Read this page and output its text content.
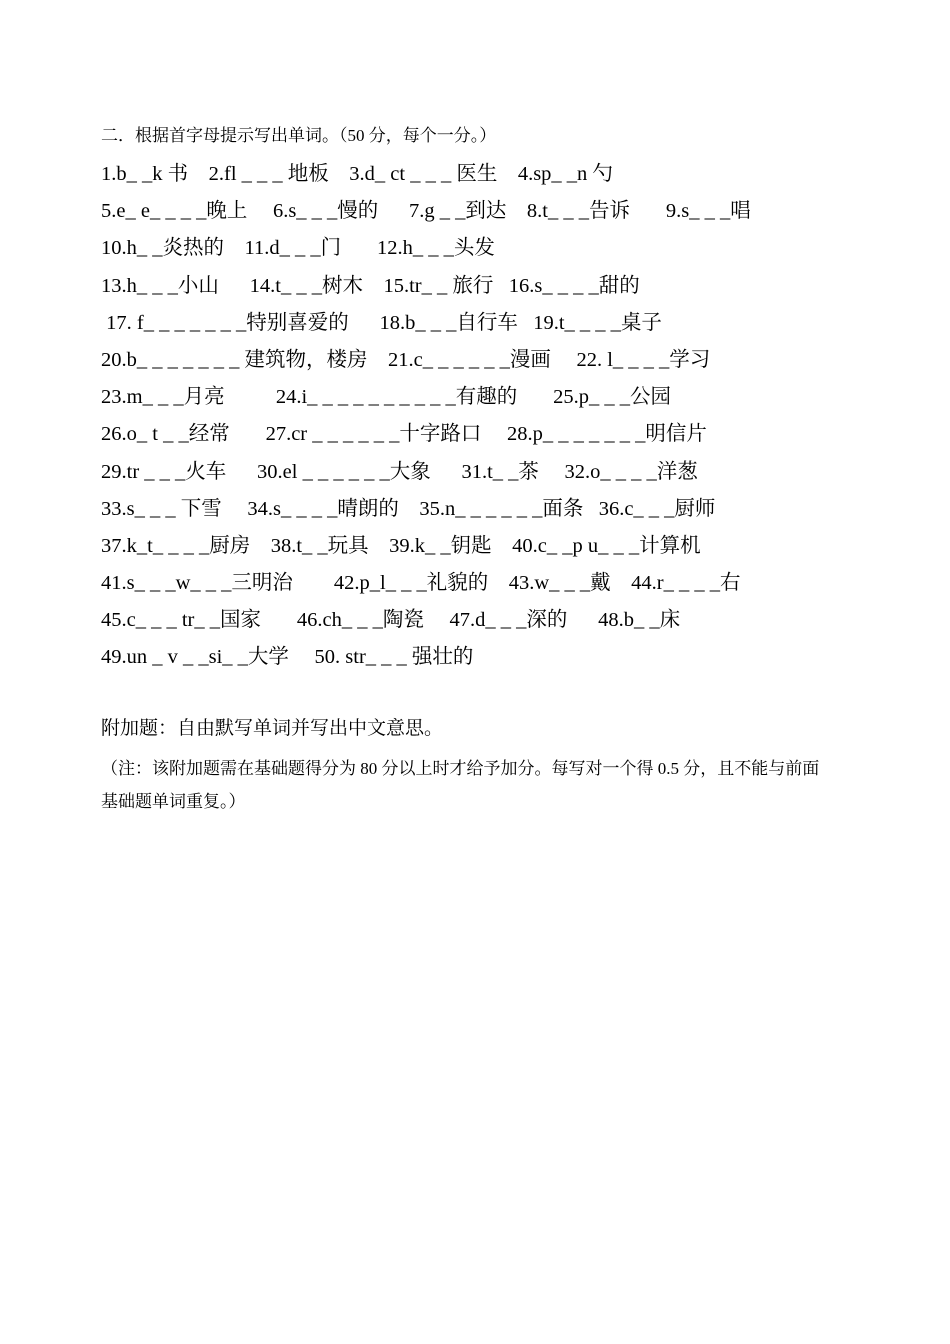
二．根据首字母提示写出单词。（50 分，每个一分。）
1.b_ _k 书    2.fl _ _ _ 地板    3.d_ ct _ _ _ 医生    4.sp_ _n 勺
5.e_ e_ _ _ _晚上     6.s_ _ _慢的      7.g _ _到达    8.t_ _ _告诉       9.s_ _ _唱
10.h_ _炎热的    11.d_ _ _门       12.h_ _ _头发
13.h_ _ _小山      14.t_ _ _树木    15.tr_ _ 旅行   16.s_ _ _ _甜的
17. f_ _ _ _ _ _ _特别喜爱的      18.b_ _ _自行车   19.t_ _ _ _桌子
20.b_ _ _ _ _ _ _ 建筑物，楼房    21.c_ _ _ _ _ _漫画     22. l_ _ _ _学习
23.m_ _ _月亮          24.i_ _ _ _ _ _ _ _ _ _有趣的       25.p_ _ _公园
26.o_ t _ _经常       27.cr _ _ _ _ _ _十字路口     28.p_ _ _ _ _ _ _明信片
29.tr _ _ _火车      30.el _ _ _ _ _ _大象      31.t_ _茶     32.o_ _ _ _洋葱
33.s_ _ _ 下雪     34.s_ _ _ _晴朗的    35.n_ _ _ _ _ _面条   36.c_ _ _厨师
37.k_t_ _ _ _厨房    38.t_ _玩具    39.k_ _钥匙    40.c_ _p u_ _ _计算机
41.s_ _ _w_ _ _三明治        42.p_l_ _ _礼貌的    43.w_ _ _戴    44.r_ _ _ _右
45.c_ _ _ tr_ _国家       46.ch_ _ _陶瓷     47.d_ _ _深的      48.b_ _床
49.un _ v _ _si_ _大学     50. str_ _ _ 强壮的
附加题：自由默写单词并写出中文意思。
（注：该附加题需在基础题得分为 80 分以上时才给予加分。每写对一个得 0.5 分，且不能与前面基础题单词重复。）
